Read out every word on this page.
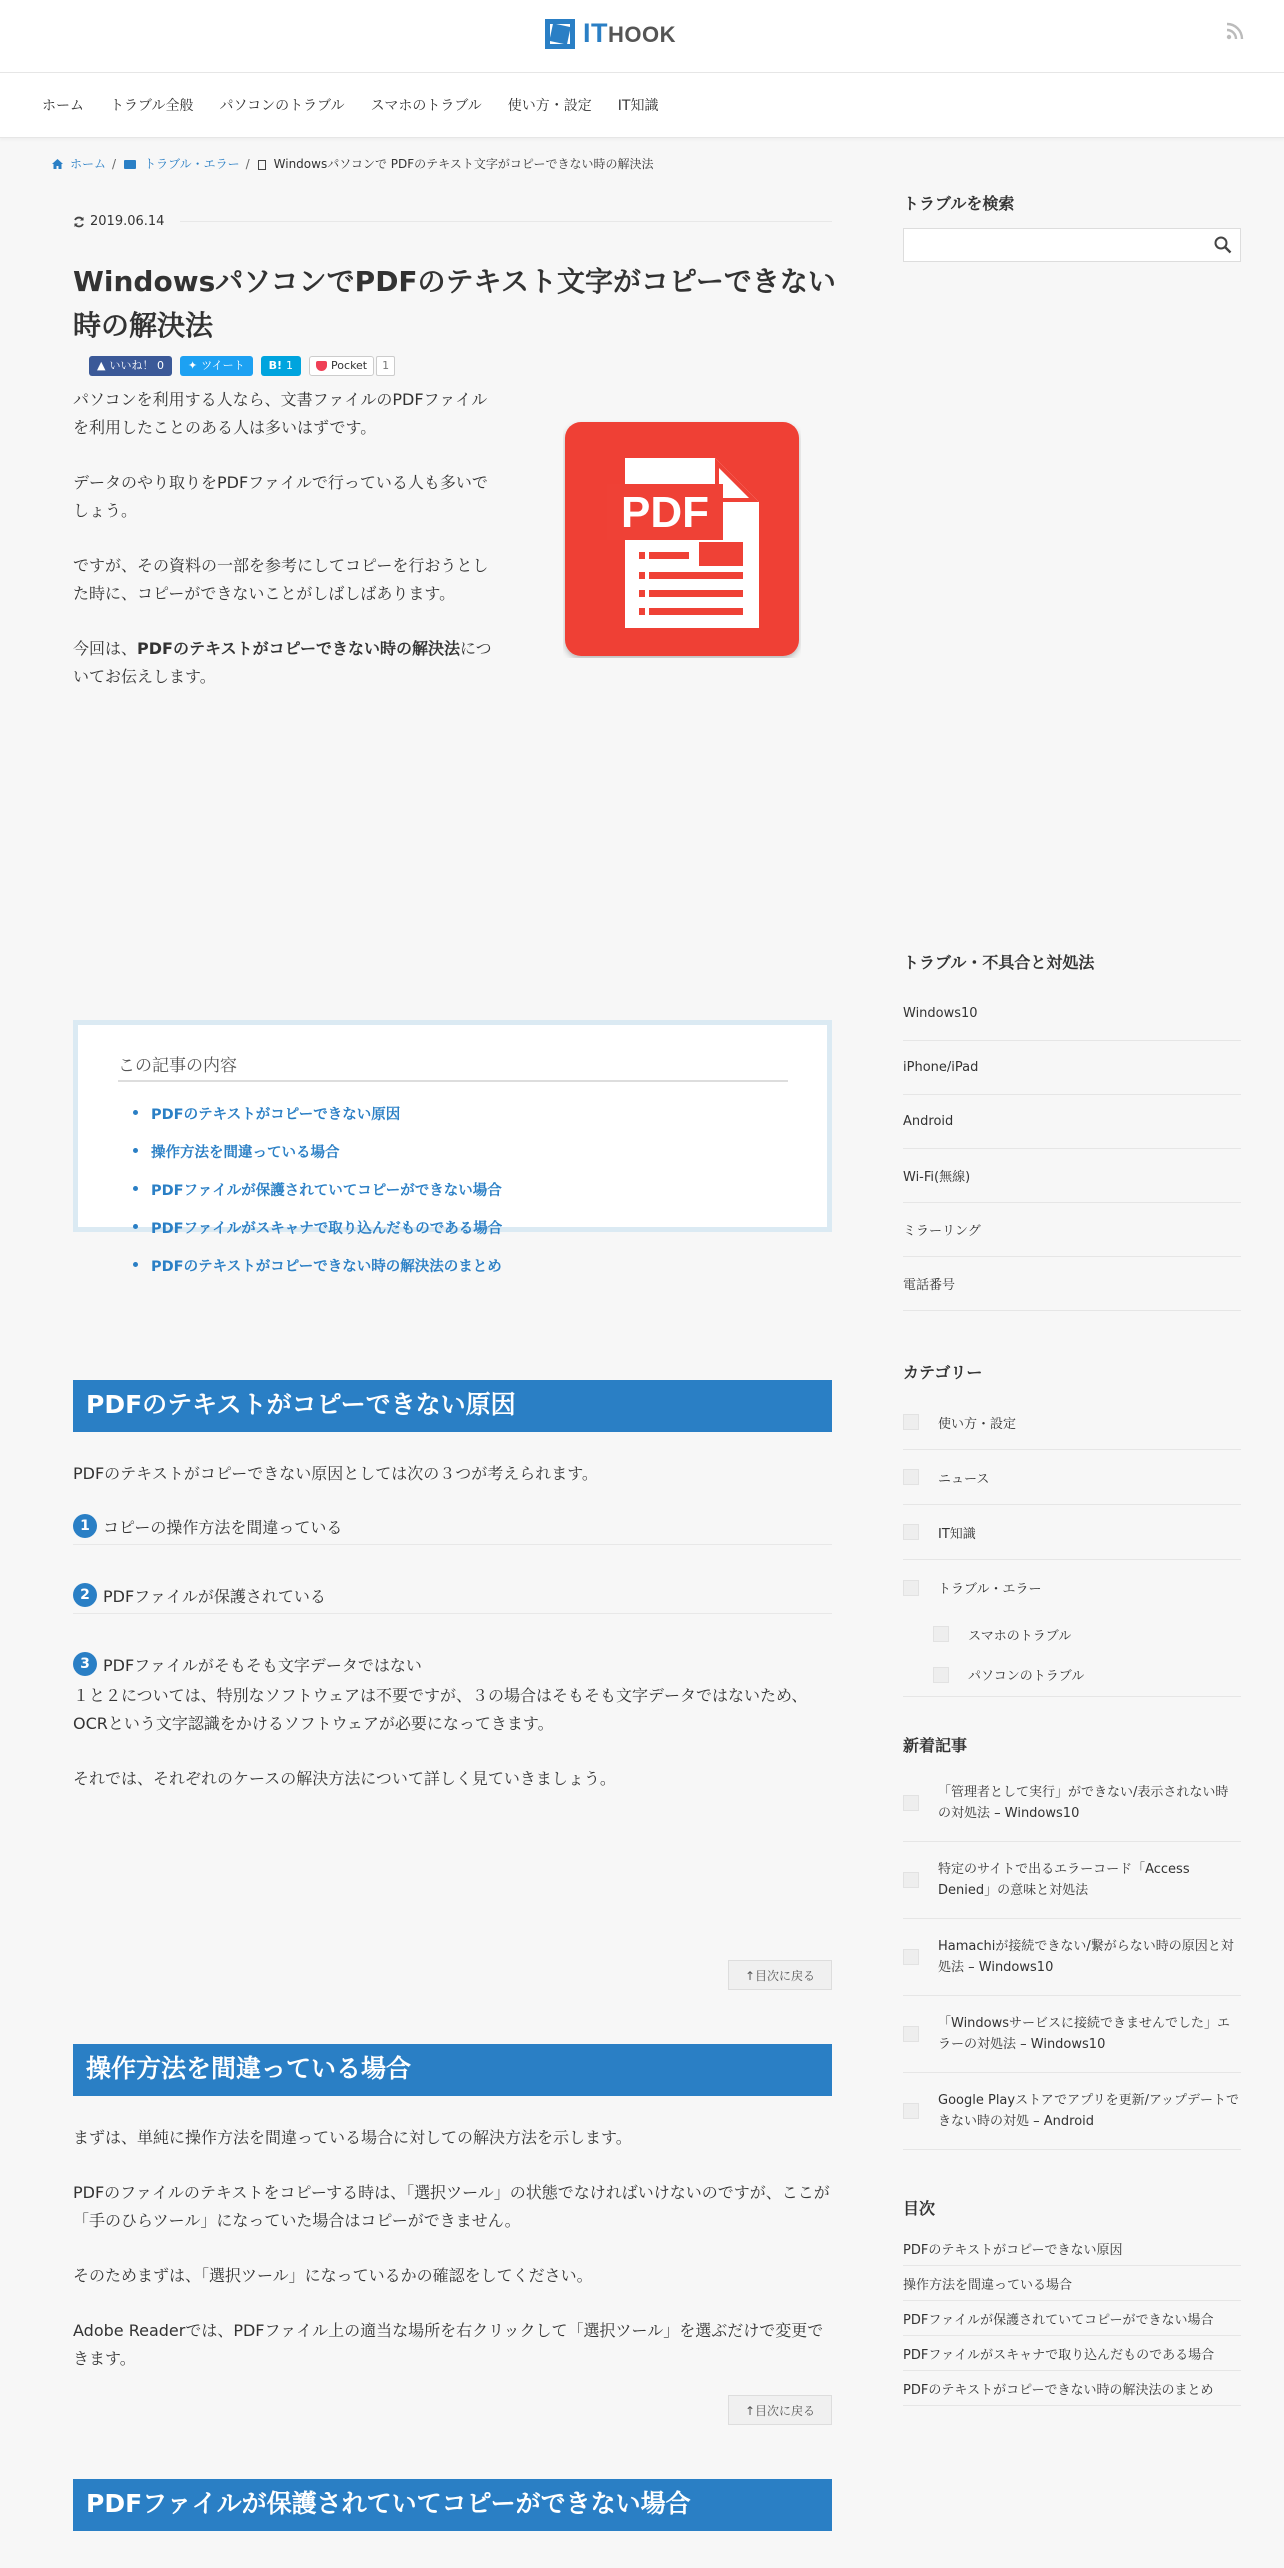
ITHOOK
ホーム トラブル全般 パソコンのトラブル スマホのトラブル 使い方・設定 IT知識
ホーム / トラブル・エラー / Windowsパソコンで PDFのテキスト文字がコピーできない時の解決法
2019.06.14
WindowsパソコンでPDFのテキスト文字がコピーできない時の解決法
▲ いいね！ 0 ✦ ツイート B! 1	Pocket	1

パソコンを利用する人なら、文書ファイルのPDFファイルを利用したことのある人は多いはずです。

データのやり取りをPDFファイルで行っている人も多いでしょう。

ですが、その資料の一部を参考にしてコピーを行おうとした時に、コピーができないことがしばしばあります。

今回は、PDFのテキストがコピーできない時の解決法についてお伝えします。

PDF
この記事の内容
PDFのテキストがコピーできない原因
操作方法を間違っている場合
PDFファイルが保護されていてコピーができない場合
PDFファイルがスキャナで取り込んだものである場合
PDFのテキストがコピーできない時の解決法のまとめ
PDFのテキストがコピーできない原因

PDFのテキストがコピーできない原因としては次の３つが考えられます。

1 コピーの操作方法を間違っている
2 PDFファイルが保護されている
3 PDFファイルがそもそも文字データではない

１と２については、特別なソフトウェアは不要ですが、３の場合はそもそも文字データではないため、OCRという文字認識をかけるソフトウェアが必要になってきます。

それでは、それぞれのケースの解決方法について詳しく見ていきましょう。

↑目次に戻る
操作方法を間違っている場合

まずは、単純に操作方法を間違っている場合に対しての解決方法を示します。

PDFのファイルのテキストをコピーする時は、「選択ツール」の状態でなければいけないのですが、ここが「手のひらツール」になっていた場合はコピーができません。

そのためまずは、「選択ツール」になっているかの確認をしてください。

Adobe Readerでは、PDFファイル上の適当な場所を右クリックして「選択ツール」を選ぶだけで変更できます。

↑目次に戻る
PDFファイルが保護されていてコピーができない場合
トラブルを検索
トラブル・不具合と対処法
Windows10
iPhone/iPad
Android
Wi-Fi(無線)
ミラーリング
電話番号
カテゴリー
使い方・設定
ニュース
IT知識
トラブル・エラー
スマホのトラブル
パソコンのトラブル
新着記事
「管理者として実行」ができない/表示されない時の対処法 – Windows10
特定のサイトで出るエラーコード「Access Denied」の意味と対処法
Hamachiが接続できない/繋がらない時の原因と対処法 – Windows10
「Windowsサービスに接続できませんでした」エラーの対処法 – Windows10
Google Playストアでアプリを更新/アップデートできない時の対処 – Android
目次
PDFのテキストがコピーできない原因
操作方法を間違っている場合
PDFファイルが保護されていてコピーができない場合
PDFファイルがスキャナで取り込んだものである場合
PDFのテキストがコピーできない時の解決法のまとめ
